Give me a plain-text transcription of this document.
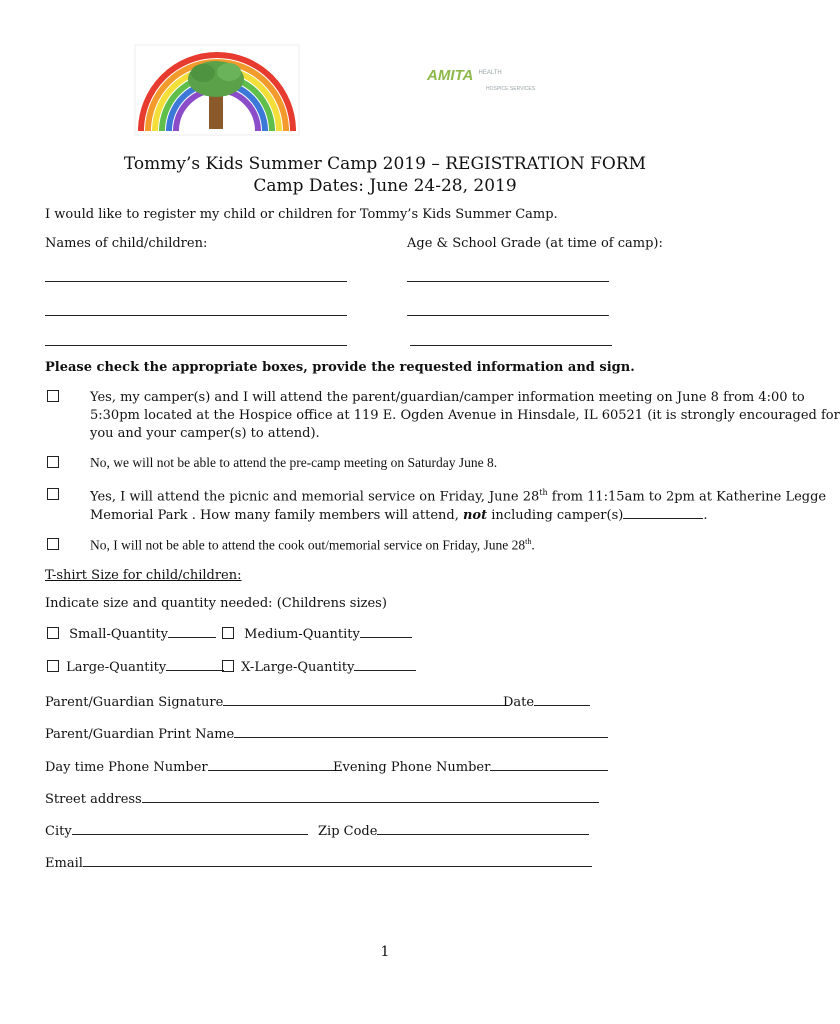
AMITA $^{HEALTH}$
HOSPICE SERVICES
Tommy’s Kids Summer Camp 2019 – REGISTRATION FORM
Camp Dates: June 24-28, 2019
I would like to register my child or children for Tommy’s Kids Summer Camp.
Names of child/children:	Age & School Grade (at time of camp):
Please check the appropriate boxes, provide the requested information and sign.
Yes, my camper(s) and I will attend the parent/guardian/camper information meeting on June 8 from 4:00 to
5:30pm located at the Hospice office at 119 E. Ogden Avenue in Hinsdale, IL 60521 (it is strongly encouraged for
you and your camper(s) to attend).
No, we will not be able to attend the pre-camp meeting on Saturday June 8.
Yes, I will attend the picnic and memorial service on Friday, June 28th from 11:15am to 2pm at Katherine Legge
Memorial Park . How many family members will attend, not including camper(s)	.
No, I will not be able to attend the cook out/memorial service on Friday, June 28th.
T-shirt Size for child/children:
Indicate size and quantity needed: (Childrens sizes)
Small-Quantity	Medium-Quantity
Large-Quantity	X-Large-Quantity
Parent/Guardian Signature	Date
Parent/Guardian Print Name
Day time Phone Number	Evening Phone Number
Street address
City	Zip Code
Email
1
